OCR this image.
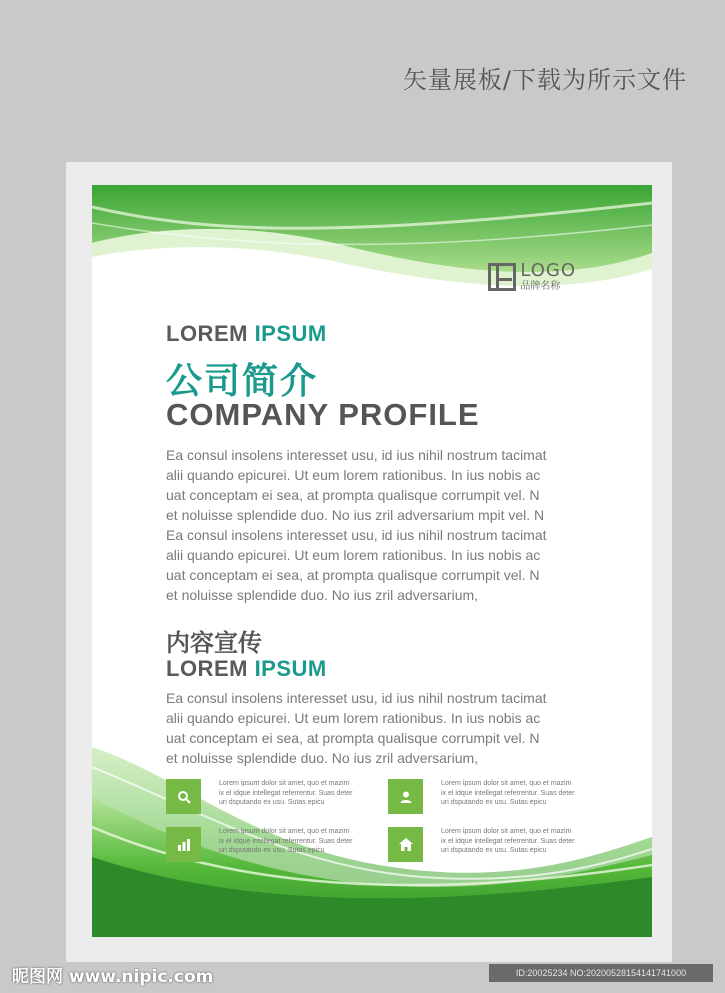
矢量展板/下载为所示文件
LOGO
品牌名称
LOREM IPSUM
公司简介
COMPANY PROFILE

Ea consul insolens interesset usu, id ius nihil nostrum tacimat

alii quando epicurei. Ut eum lorem rationibus. In ius nobis ac

uat conceptam ei sea, at prompta qualisque corrumpit vel. N

et noluisse splendide duo. No ius zril adversarium mpit vel. N

Ea consul insolens interesset usu, id ius nihil nostrum tacimat

alii quando epicurei. Ut eum lorem rationibus. In ius nobis ac

uat conceptam ei sea, at prompta qualisque corrumpit vel. N

et noluisse splendide duo. No ius zril adversarium,

内容宣传
LOREM IPSUM

Ea consul insolens interesset usu, id ius nihil nostrum tacimat

alii quando epicurei. Ut eum lorem rationibus. In ius nobis ac

uat conceptam ei sea, at prompta qualisque corrumpit vel. N

et noluisse splendide duo. No ius zril adversarium,

Lorem ipsum dolor sit amet, quo et mazim

ix el idque intellegat referrentur. Suas deter

uri dsputando ex usu. Sutas epicu

Lorem ipsum dolor sit amet, quo et mazim

ix el idque intellegat referrentur. Suas deter

uri dsputando ex usu. Sutas epicu

Lorem ipsum dolor sit amet, quo et mazim

ix el idque intellegat referrentur. Suas deter

uri dsputando ex usu. Sutas epicu

Lorem ipsum dolor sit amet, quo et mazim

ix el idque intellegat referrentur. Suas deter

uri dsputando ex usu. Sutas epicu

昵图网 www.nipic.com	ID:20025234 NO:20200528154141741000
